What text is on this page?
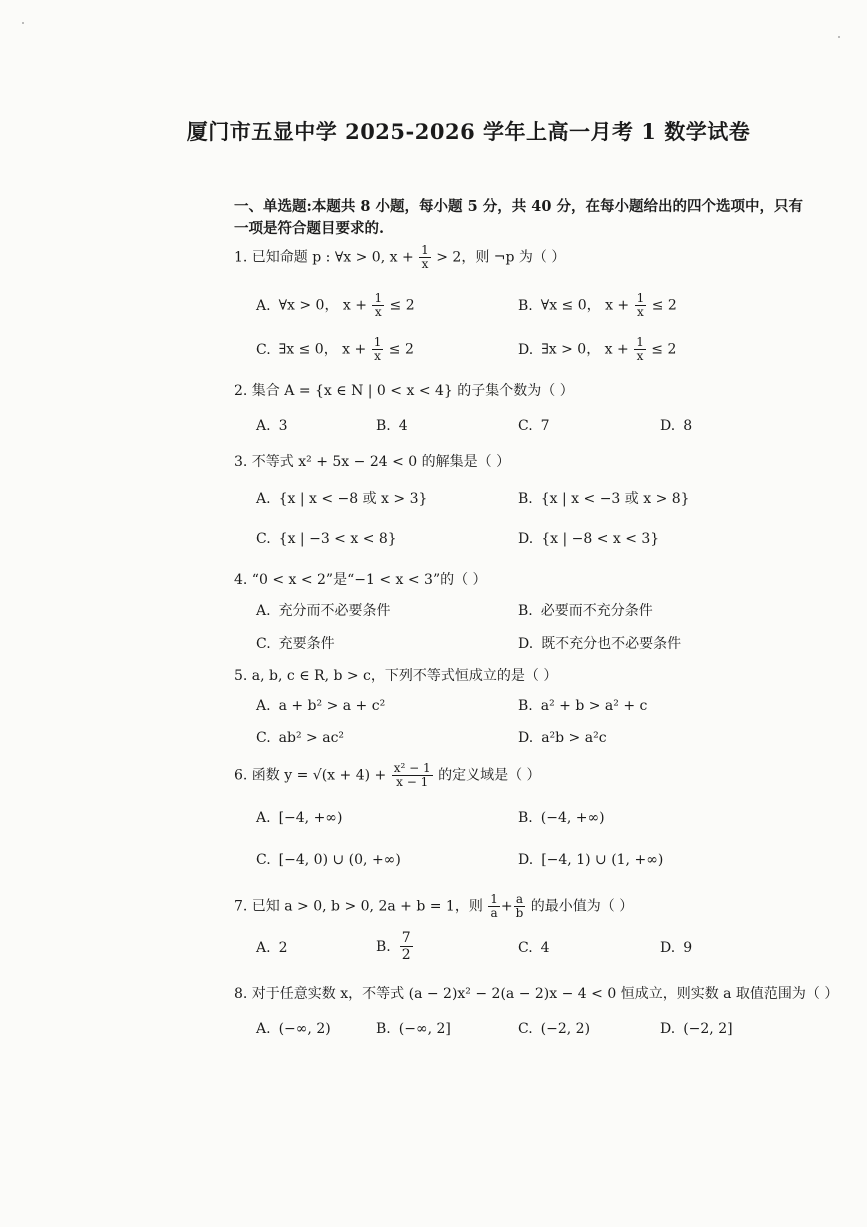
厦门市五显中学 2025-2026 学年上高一月考 1 数学试卷
一、单选题:本题共 8 小题，每小题 5 分，共 40 分，在每小题给出的四个选项中，只有一项是符合题目要求的.
1. 已知命题 p : ∀x > 0, $x + \frac{1}{x} > 2$，则 ¬p 为（ ）
A. ∀x > 0， $x + \frac{1}{x} \le 2$	B. ∀x ≤ 0， $x + \frac{1}{x} \le 2$
C. ∃x ≤ 0， $x + \frac{1}{x} \le 2$	D. ∃x > 0， $x + \frac{1}{x} \le 2$
2. 集合 A = {x ∈ N | 0 < x < 4} 的子集个数为（ ）
A. 3	B. 4	C. 7	D. 8
3. 不等式 x² + 5x − 24 < 0 的解集是（ ）
A. {x | x < −8 或 x > 3}	B. {x | x < −3 或 x > 8}
C. {x | −3 < x < 8}	D. {x | −8 < x < 3}
4. “0 < x < 2”是“−1 < x < 3”的（ ）
A. 充分而不必要条件	B. 必要而不充分条件
C. 充要条件	D. 既不充分也不必要条件
5. a, b, c ∈ R, b > c，下列不等式恒成立的是（ ）
A. a + b² > a + c²	B. a² + b > a² + c
C. ab² > ac²	D. a²b > a²c
6. 函数 $y = √(x + 4) + \frac{\text{x² − 1}}{x - 1}$ 的定义域是（ ）
A. [−4, +∞)	B. (−4, +∞)
C. [−4, 0) ∪ (0, +∞)	D. [−4, 1) ∪ (1, +∞)
7. 已知 a > 0, b > 0, 2a + b = 1，则 $\frac{1}{a} + \frac{a}{b}$ 的最小值为（ ）
A. 2	B. $\frac{7}{2}$	C. 4	D. 9
8. 对于任意实数 x，不等式 (a − 2)x² − 2(a − 2)x − 4 < 0 恒成立，则实数 a 取值范围为（ ）
A. (−∞, 2)	B. (−∞, 2]	C. (−2, 2)	D. (−2, 2]
